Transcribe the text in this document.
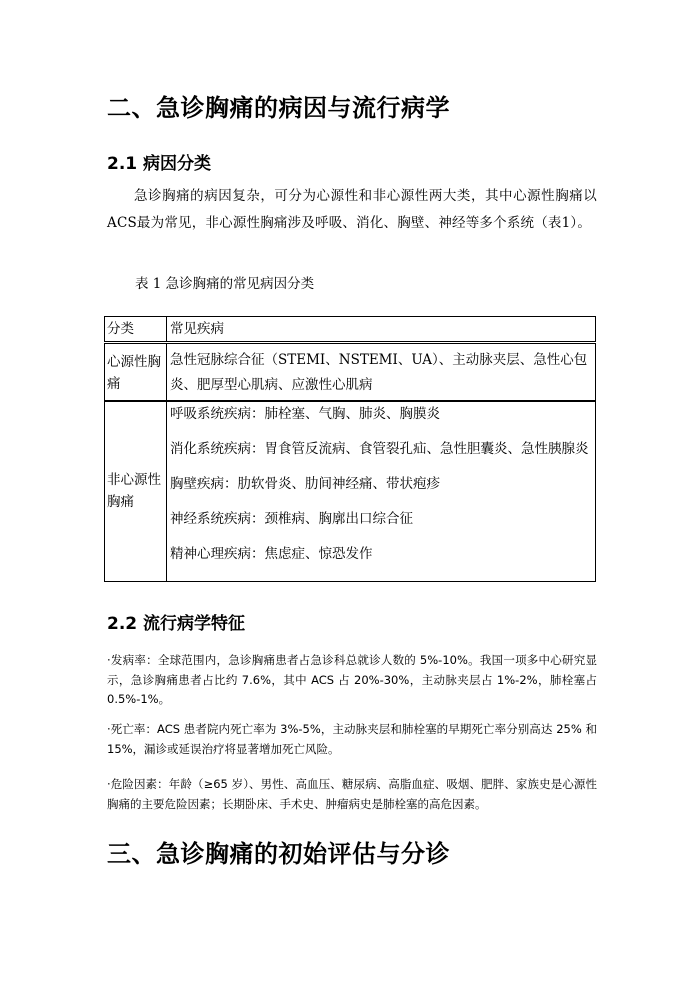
二、急诊胸痛的病因与流行病学
2.1 病因分类
急诊胸痛的病因复杂，可分为心源性和非心源性两大类，其中心源性胸痛以ACS最为常见，非心源性胸痛涉及呼吸、消化、胸壁、神经等多个系统（表1）。
表 1 急诊胸痛的常见病因分类
分类	常见疾病
心源性胸痛
急性冠脉综合征（STEMI、NSTEMI、UA）、主动脉夹层、急性心包炎、肥厚型心肌病、应激性心肌病
非心源性胸痛
呼吸系统疾病：肺栓塞、气胸、肺炎、胸膜炎
消化系统疾病：胃食管反流病、食管裂孔疝、急性胆囊炎、急性胰腺炎
胸壁疾病：肋软骨炎、肋间神经痛、带状疱疹
神经系统疾病：颈椎病、胸廓出口综合征
精神心理疾病：焦虑症、惊恐发作
2.2 流行病学特征
·发病率：全球范围内，急诊胸痛患者占急诊科总就诊人数的 5%-10%。我国一项多中心研究显示，急诊胸痛患者占比约 7.6%，其中 ACS 占 20%-30%，主动脉夹层占 1%-2%，肺栓塞占 0.5%-1%。
·死亡率：ACS 患者院内死亡率为 3%-5%，主动脉夹层和肺栓塞的早期死亡率分别高达 25% 和 15%，漏诊或延误治疗将显著增加死亡风险。
·危险因素：年龄（≥65 岁）、男性、高血压、糖尿病、高脂血症、吸烟、肥胖、家族史是心源性胸痛的主要危险因素；长期卧床、手术史、肿瘤病史是肺栓塞的高危因素。
三、急诊胸痛的初始评估与分诊
